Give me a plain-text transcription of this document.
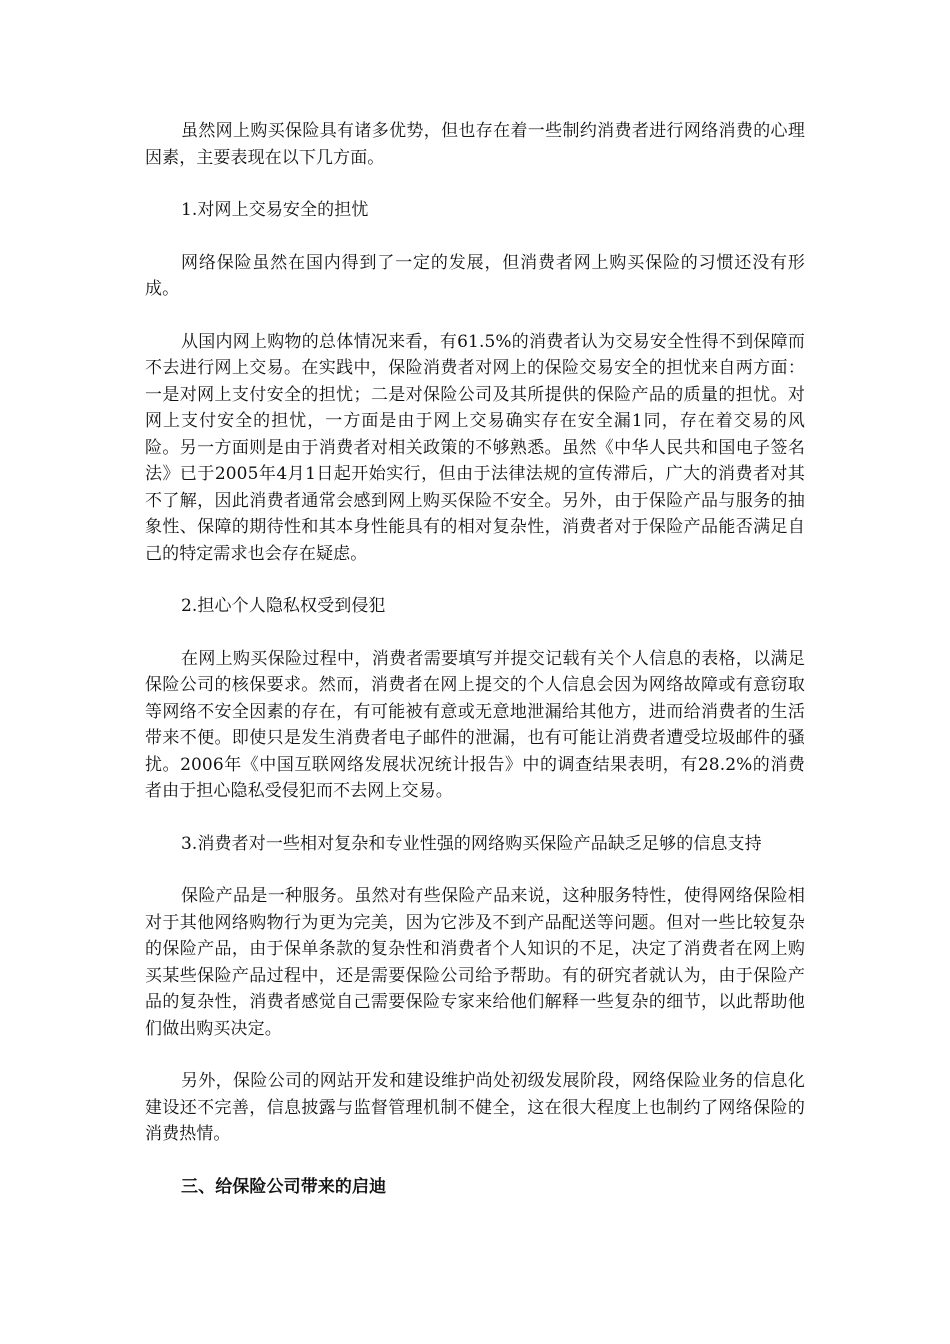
虽然网上购买保险具有诸多优势，但也存在着一些制约消费者进行网络消费的心理因素，主要表现在以下几方面。

1.对网上交易安全的担忧

网络保险虽然在国内得到了一定的发展，但消费者网上购买保险的习惯还没有形成。

从国内网上购物的总体情况来看，有61.5%的消费者认为交易安全性得不到保障而不去进行网上交易。在实践中，保险消费者对网上的保险交易安全的担忧来自两方面：一是对网上支付安全的担忧；二是对保险公司及其所提供的保险产品的质量的担忧。对网上支付安全的担忧，一方面是由于网上交易确实存在安全漏1同，存在着交易的风险。另一方面则是由于消费者对相关政策的不够熟悉。虽然《中华人民共和国电子签名法》已于2005年4月1日起开始实行，但由于法律法规的宣传滞后，广大的消费者对其不了解，因此消费者通常会感到网上购买保险不安全。另外，由于保险产品与服务的抽象性、保障的期待性和其本身性能具有的相对复杂性，消费者对于保险产品能否满足自己的特定需求也会存在疑虑。

2.担心个人隐私权受到侵犯

在网上购买保险过程中，消费者需要填写并提交记载有关个人信息的表格，以满足保险公司的核保要求。然而，消费者在网上提交的个人信息会因为网络故障或有意窃取等网络不安全因素的存在，有可能被有意或无意地泄漏给其他方，进而给消费者的生活带来不便。即使只是发生消费者电子邮件的泄漏，也有可能让消费者遭受垃圾邮件的骚扰。2006年《中国互联网络发展状况统计报告》中的调查结果表明，有28.2%的消费者由于担心隐私受侵犯而不去网上交易。

3.消费者对一些相对复杂和专业性强的网络购买保险产品缺乏足够的信息支持

保险产品是一种服务。虽然对有些保险产品来说，这种服务特性，使得网络保险相对于其他网络购物行为更为完美，因为它涉及不到产品配送等问题。但对一些比较复杂的保险产品，由于保单条款的复杂性和消费者个人知识的不足，决定了消费者在网上购买某些保险产品过程中，还是需要保险公司给予帮助。有的研究者就认为，由于保险产品的复杂性，消费者感觉自己需要保险专家来给他们解释一些复杂的细节，以此帮助他们做出购买决定。

另外，保险公司的网站开发和建设维护尚处初级发展阶段，网络保险业务的信息化建设还不完善，信息披露与监督管理机制不健全，这在很大程度上也制约了网络保险的消费热情。

三、给保险公司带来的启迪
